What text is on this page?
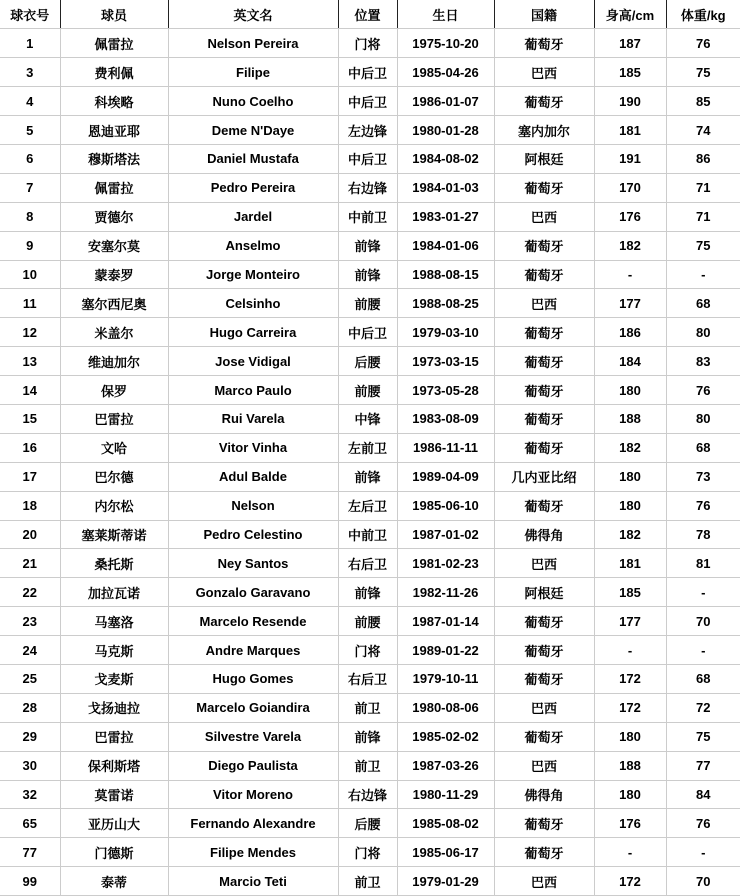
球衣号	球员	英文名	位置	生日	国籍	身高/cm	体重/kg
1	佩雷拉	Nelson Pereira	门将	1975-10-20	葡萄牙	187	76
3	费利佩	Filipe	中后卫	1985-04-26	巴西	185	75
4	科埃略	Nuno Coelho	中后卫	1986-01-07	葡萄牙	190	85
5	恩迪亚耶	Deme N'Daye	左边锋	1980-01-28	塞内加尔	181	74
6	穆斯塔法	Daniel Mustafa	中后卫	1984-08-02	阿根廷	191	86
7	佩雷拉	Pedro Pereira	右边锋	1984-01-03	葡萄牙	170	71
8	贾德尔	Jardel	中前卫	1983-01-27	巴西	176	71
9	安塞尔莫	Anselmo	前锋	1984-01-06	葡萄牙	182	75
10	蒙泰罗	Jorge Monteiro	前锋	1988-08-15	葡萄牙	-	-
11	塞尔西尼奥	Celsinho	前腰	1988-08-25	巴西	177	68
12	米盖尔	Hugo Carreira	中后卫	1979-03-10	葡萄牙	186	80
13	维迪加尔	Jose Vidigal	后腰	1973-03-15	葡萄牙	184	83
14	保罗	Marco Paulo	前腰	1973-05-28	葡萄牙	180	76
15	巴雷拉	Rui Varela	中锋	1983-08-09	葡萄牙	188	80
16	文哈	Vitor Vinha	左前卫	1986-11-11	葡萄牙	182	68
17	巴尔德	Adul Balde	前锋	1989-04-09	几内亚比绍	180	73
18	内尔松	Nelson	左后卫	1985-06-10	葡萄牙	180	76
20	塞莱斯蒂诺	Pedro Celestino	中前卫	1987-01-02	佛得角	182	78
21	桑托斯	Ney Santos	右后卫	1981-02-23	巴西	181	81
22	加拉瓦诺	Gonzalo Garavano	前锋	1982-11-26	阿根廷	185	-
23	马塞洛	Marcelo Resende	前腰	1987-01-14	葡萄牙	177	70
24	马克斯	Andre Marques	门将	1989-01-22	葡萄牙	-	-
25	戈麦斯	Hugo Gomes	右后卫	1979-10-11	葡萄牙	172	68
28	戈扬迪拉	Marcelo Goiandira	前卫	1980-08-06	巴西	172	72
29	巴雷拉	Silvestre Varela	前锋	1985-02-02	葡萄牙	180	75
30	保利斯塔	Diego Paulista	前卫	1987-03-26	巴西	188	77
32	莫雷诺	Vitor Moreno	右边锋	1980-11-29	佛得角	180	84
65	亚历山大	Fernando Alexandre	后腰	1985-08-02	葡萄牙	176	76
77	门德斯	Filipe Mendes	门将	1985-06-17	葡萄牙	-	-
99	泰蒂	Marcio Teti	前卫	1979-01-29	巴西	172	70
